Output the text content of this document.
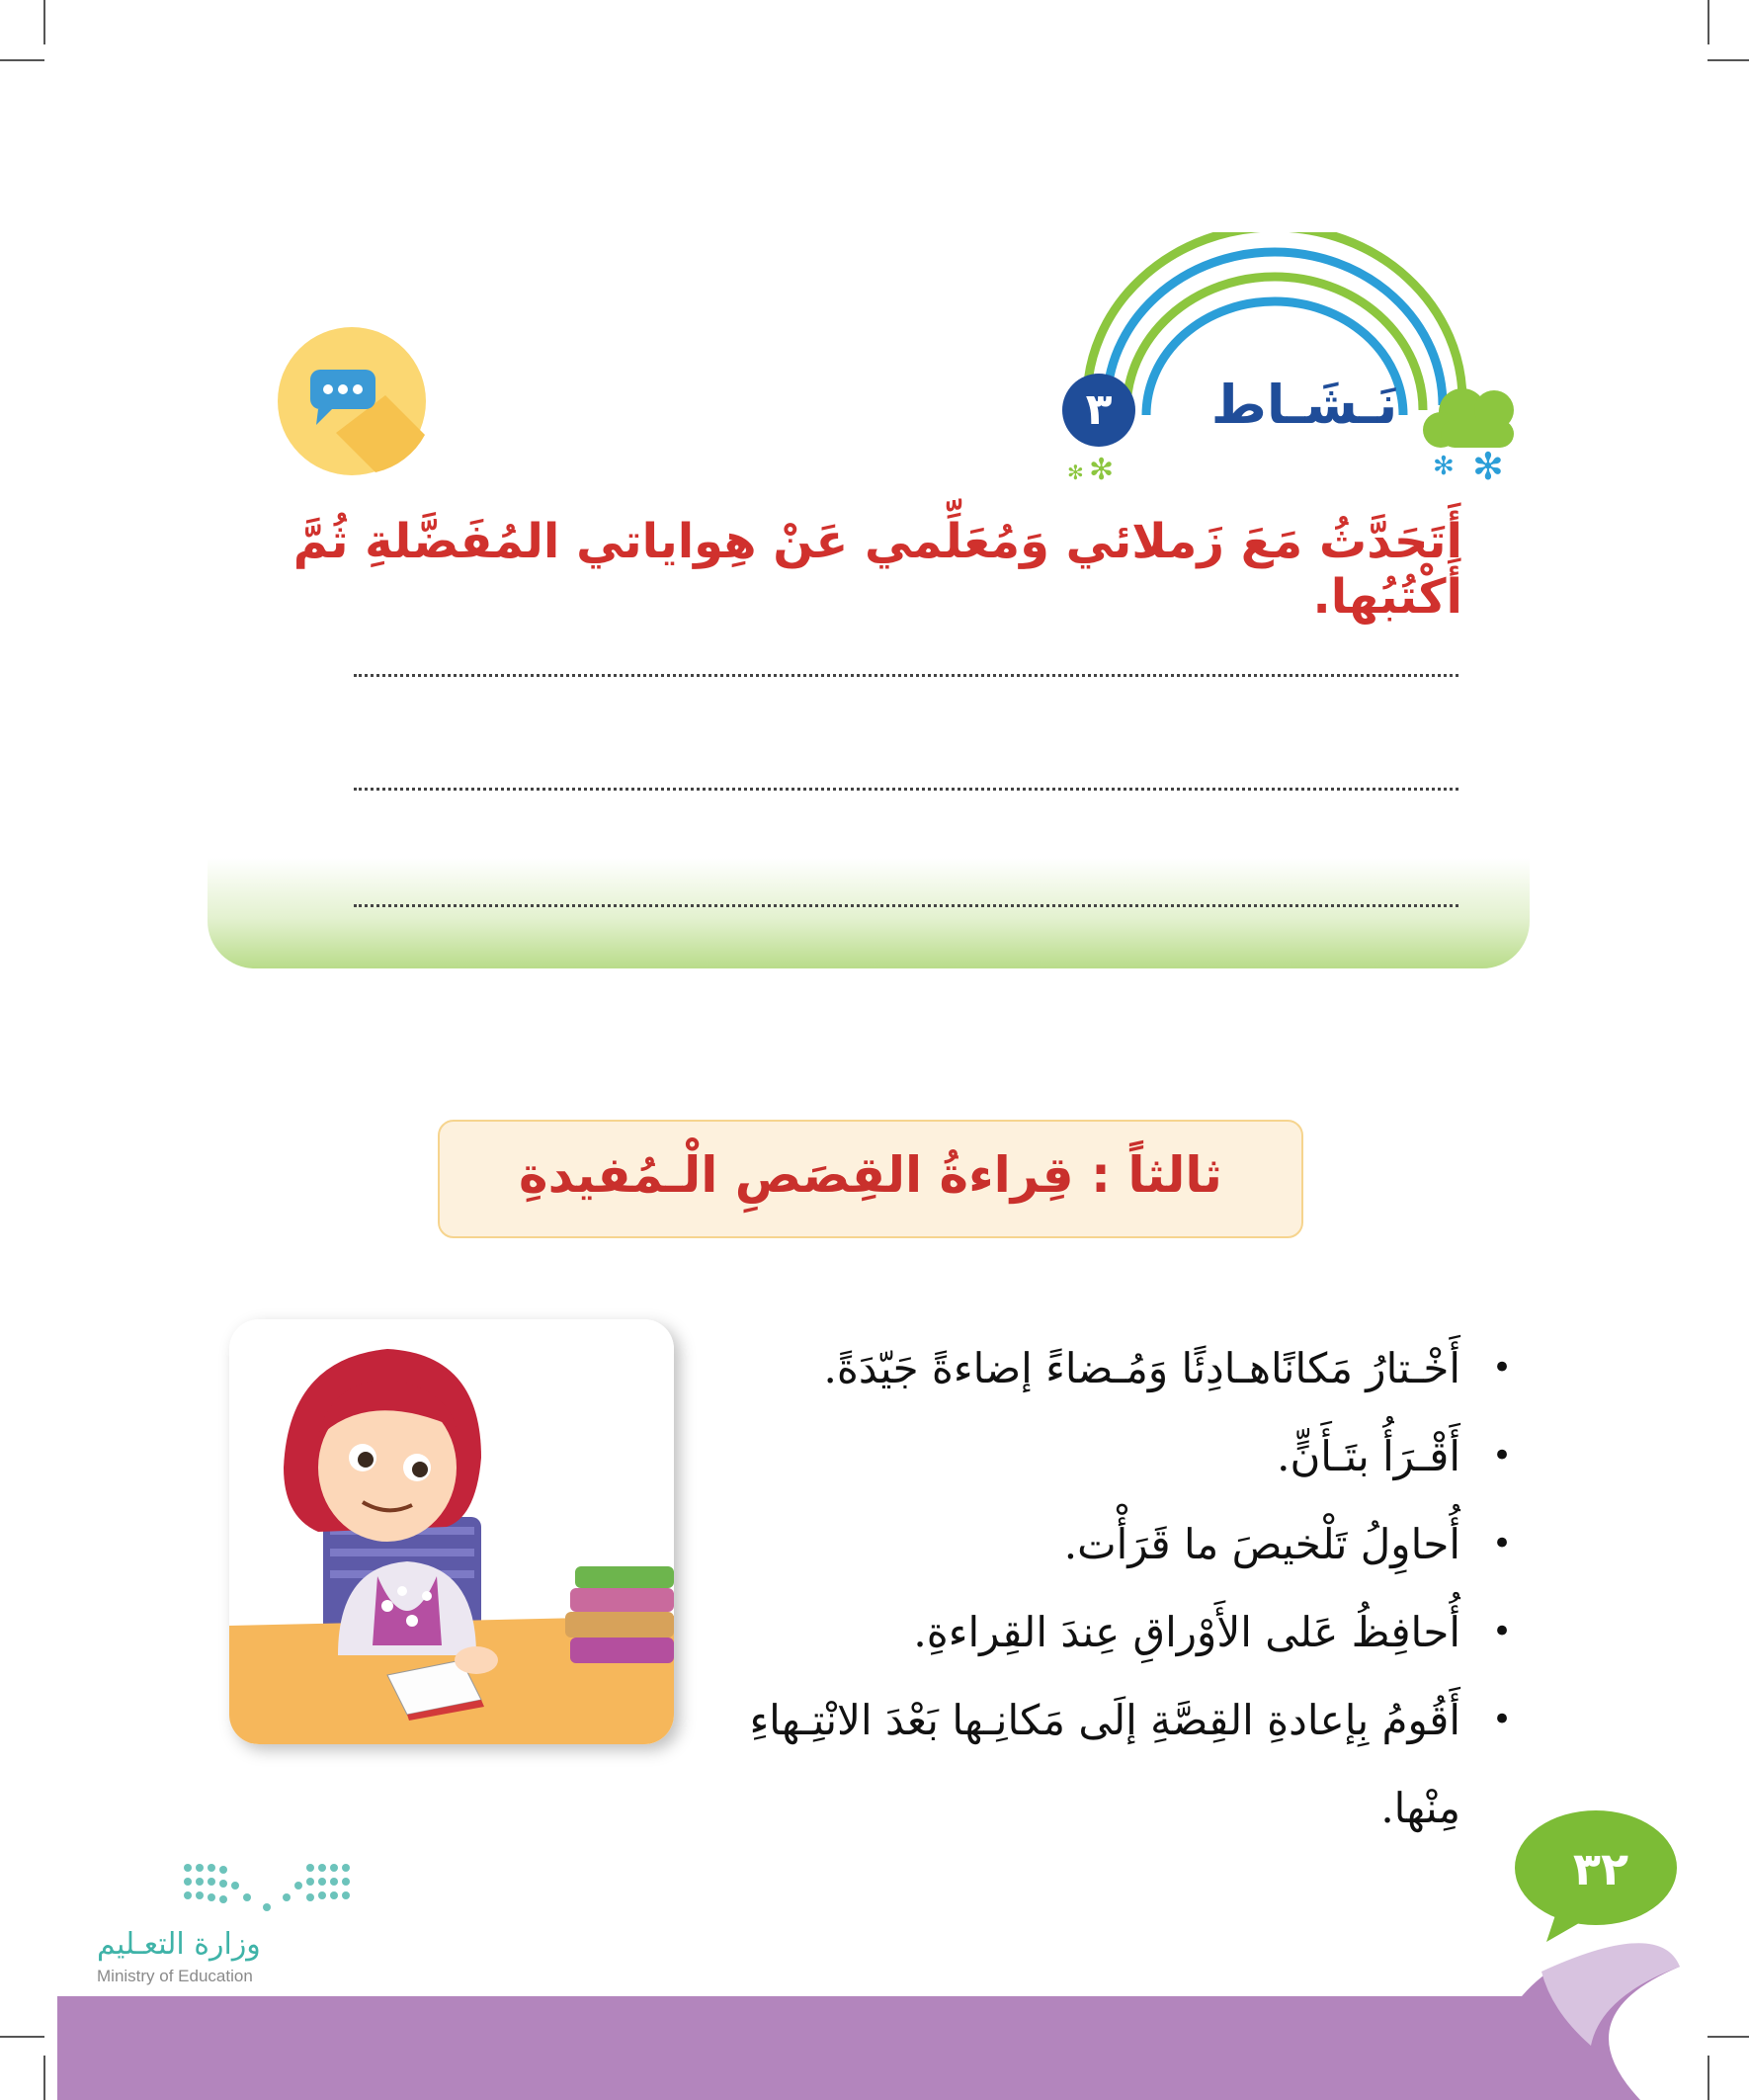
✻
✻
✻
✻
٣	نَـشَـاط
أَتَحَدَّثُ مَعَ زَملائي وَمُعَلِّمي عَنْ هِواياتي المُفَضَّلةِ ثُمَّ أَكْتُبُها.
ثالثاً : قِراءةُ القِصَصِ الْـمُفيدةِ
•
أَخْـتارُ مَكانًاهـادِئًا وَمُـضاءً إضاءةً جَيّدَةً.
•
أَقْـرَأُ بتَـأَنٍّ.
•
أُحاوِلُ تَلْخيصَ ما قَرَأْت.
•
أُحافِظُ عَلى الأَوْراقِ عِندَ القِراءةِ.
•
أَقُومُ بِإعادةِ القِصَّةِ إلَى مَكانِـها بَعْدَ الانْتِـهاءِ مِنْها.
٣٢
وزارة التعـليم
Ministry of Education
